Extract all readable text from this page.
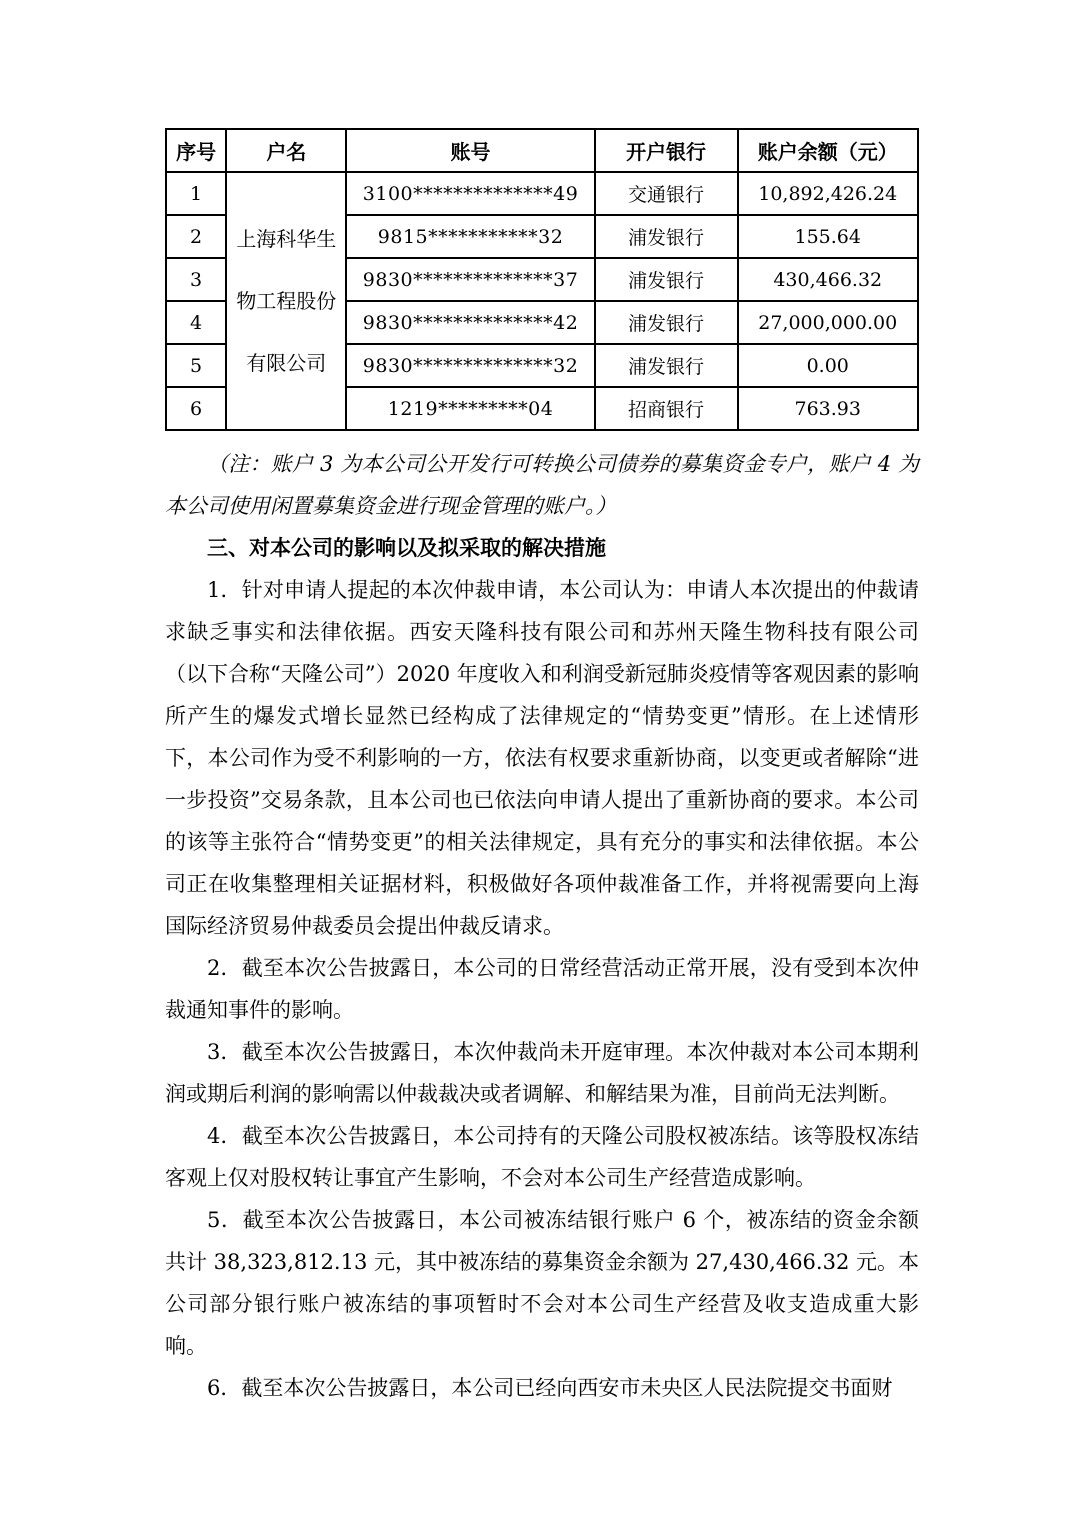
序号	户名	账号	开户银行	账户余额（元）
1	上海科华生物工程股份有限公司	3100**************49	交通银行	10,892,426.24
2		9815***********32	浦发银行	155.64
3		9830**************37	浦发银行	430,466.32
4		9830**************42	浦发银行	27,000,000.00
5		9830**************32	浦发银行	0.00
6		1219*********04	招商银行	763.93

（注：账户 3 为本公司公开发行可转换公司债券的募集资金专户，账户 4 为本公司使用闲置募集资金进行现金管理的账户。）

三、对本公司的影响以及拟采取的解决措施

1．针对申请人提起的本次仲裁申请，本公司认为：申请人本次提出的仲裁请求缺乏事实和法律依据。西安天隆科技有限公司和苏州天隆生物科技有限公司（以下合称“天隆公司”）2020 年度收入和利润受新冠肺炎疫情等客观因素的影响所产生的爆发式增长显然已经构成了法律规定的“情势变更”情形。在上述情形下，本公司作为受不利影响的一方，依法有权要求重新协商，以变更或者解除“进一步投资”交易条款，且本公司也已依法向申请人提出了重新协商的要求。本公司的该等主张符合“情势变更”的相关法律规定，具有充分的事实和法律依据。本公司正在收集整理相关证据材料，积极做好各项仲裁准备工作，并将视需要向上海国际经济贸易仲裁委员会提出仲裁反请求。

2．截至本次公告披露日，本公司的日常经营活动正常开展，没有受到本次仲裁通知事件的影响。

3．截至本次公告披露日，本次仲裁尚未开庭审理。本次仲裁对本公司本期利润或期后利润的影响需以仲裁裁决或者调解、和解结果为准，目前尚无法判断。

4．截至本次公告披露日，本公司持有的天隆公司股权被冻结。该等股权冻结客观上仅对股权转让事宜产生影响，不会对本公司生产经营造成影响。

5．截至本次公告披露日，本公司被冻结银行账户 6 个，被冻结的资金余额共计 38,323,812.13 元，其中被冻结的募集资金余额为 27,430,466.32 元。本公司部分银行账户被冻结的事项暂时不会对本公司生产经营及收支造成重大影响。

6．截至本次公告披露日，本公司已经向西安市未央区人民法院提交书面财
